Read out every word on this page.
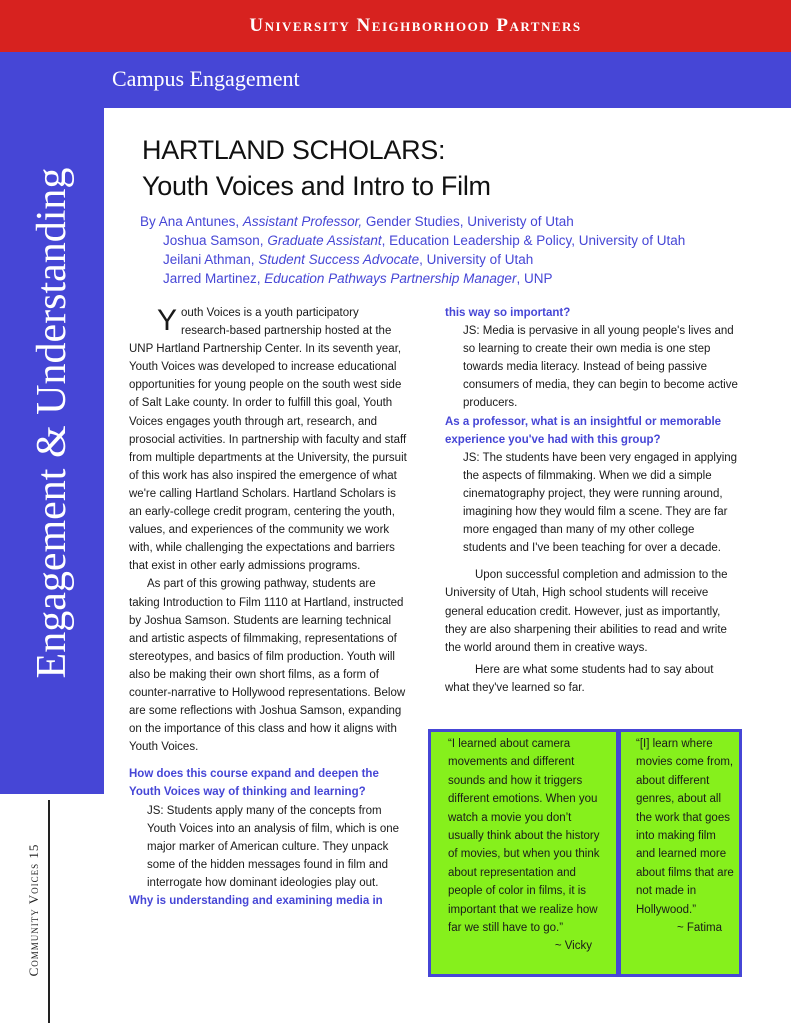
University Neighborhood Partners
Campus Engagement
Engagement & Understanding
Community Voices 15
HARTLAND SCHOLARS:
Youth Voices and Intro to Film
By Ana Antunes, Assistant Professor, Gender Studies, Univeristy of Utah
Joshua Samson, Graduate Assistant, Education Leadership & Policy, University of Utah
Jeilani Athman, Student Success Advocate, University of Utah
Jarred Martinez, Education Pathways Partnership Manager, UNP

Youth Voices is a youth participatory research-based partnership hosted at the UNP Hartland Partnership Center. In its seventh year, Youth Voices was developed to increase educational opportunities for young people on the south west side of Salt Lake county. In order to fulfill this goal, Youth Voices engages youth through art, research, and prosocial activities. In partnership with faculty and staff from multiple departments at the University, the pursuit of this work has also inspired the emergence of what we're calling Hartland Scholars. Hartland Scholars is an early-college credit program, centering the youth, values, and experiences of the community we work with, while challenging the expectations and barriers that exist in other early admissions programs.

As part of this growing pathway, students are taking Introduction to Film 1110 at Hartland, instructed by Joshua Samson. Students are learning technical and artistic aspects of filmmaking, representations of stereotypes, and basics of film production. Youth will also be making their own short films, as a form of counter-narrative to Hollywood representations. Below are some reflections with Joshua Samson, expanding on the importance of this class and how it aligns with Youth Voices.

How does this course expand and deepen the Youth Voices way of thinking and learning?

JS: Students apply many of the concepts from Youth Voices into an analysis of film, which is one major marker of American culture. They unpack some of the hidden messages found in film and interrogate how dominant ideologies play out.

Why is understanding and examining media in

this way so important?

JS: Media is pervasive in all young people's lives and so learning to create their own media is one step towards media literacy. Instead of being passive consumers of media, they can begin to become active producers.

As a professor, what is an insightful or memorable experience you've had with this group?

JS: The students have been very engaged in applying the aspects of filmmaking. When we did a simple cinematography project, they were running around, imagining how they would film a scene. They are far more engaged than many of my other college students and I've been teaching for over a decade.

Upon successful completion and admission to the University of Utah, High school students will receive general education credit. However, just as importantly, they are also sharpening their abilities to read and write the world around them in creative ways.

Here are what some students had to say about what they've learned so far.

“I learned about camera movements and different sounds and how it triggers different emotions. When you watch a movie you don’t usually think about the history of movies, but when you think about representation and people of color in films, it is important that we realize how far we still have to go.”
~ Vicky
“[I] learn where movies come from, about different genres, about all the work that goes into making film and learned more about films that are not made in Hollywood.”
~ Fatima
